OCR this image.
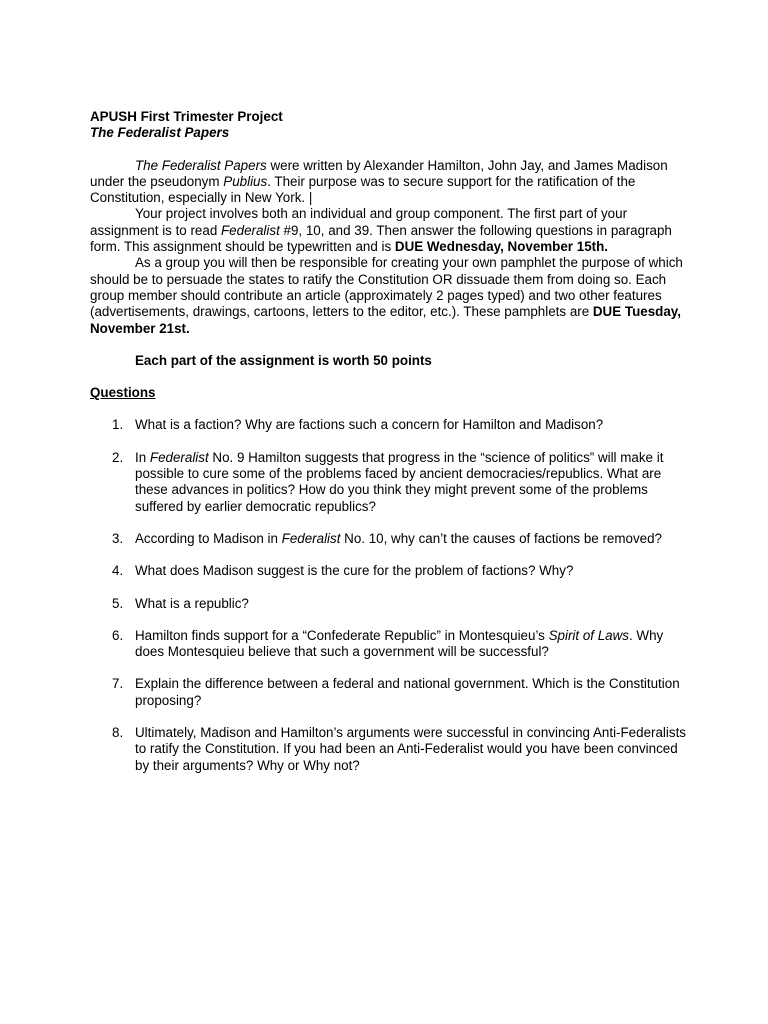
APUSH First Trimester Project
The Federalist Papers

The Federalist Papers were written by Alexander Hamilton, John Jay, and James Madison under the pseudonym Publius. Their purpose was to secure support for the ratification of the Constitution, especially in New York. |

Your project involves both an individual and group component. The first part of your assignment is to read Federalist #9, 10, and 39. Then answer the following questions in paragraph form. This assignment should be typewritten and is DUE Wednesday, November 15th.

As a group you will then be responsible for creating your own pamphlet the purpose of which should be to persuade the states to ratify the Constitution OR dissuade them from doing so. Each group member should contribute an article (approximately 2 pages typed) and two other features (advertisements, drawings, cartoons, letters to the editor, etc.). These pamphlets are DUE Tuesday, November 21st.

Each part of the assignment is worth 50 points
Questions
1. What is a faction? Why are factions such a concern for Hamilton and Madison?
2. In Federalist No. 9 Hamilton suggests that progress in the “science of politics” will make it possible to cure some of the problems faced by ancient democracies/republics. What are these advances in politics? How do you think they might prevent some of the problems suffered by earlier democratic republics?
3. According to Madison in Federalist No. 10, why can’t the causes of factions be removed?
4. What does Madison suggest is the cure for the problem of factions? Why?
5. What is a republic?
6. Hamilton finds support for a “Confederate Republic” in Montesquieu’s Spirit of Laws. Why does Montesquieu believe that such a government will be successful?
7. Explain the difference between a federal and national government. Which is the Constitution proposing?
8. Ultimately, Madison and Hamilton’s arguments were successful in convincing Anti-Federalists to ratify the Constitution. If you had been an Anti-Federalist would you have been convinced by their arguments? Why or Why not?
